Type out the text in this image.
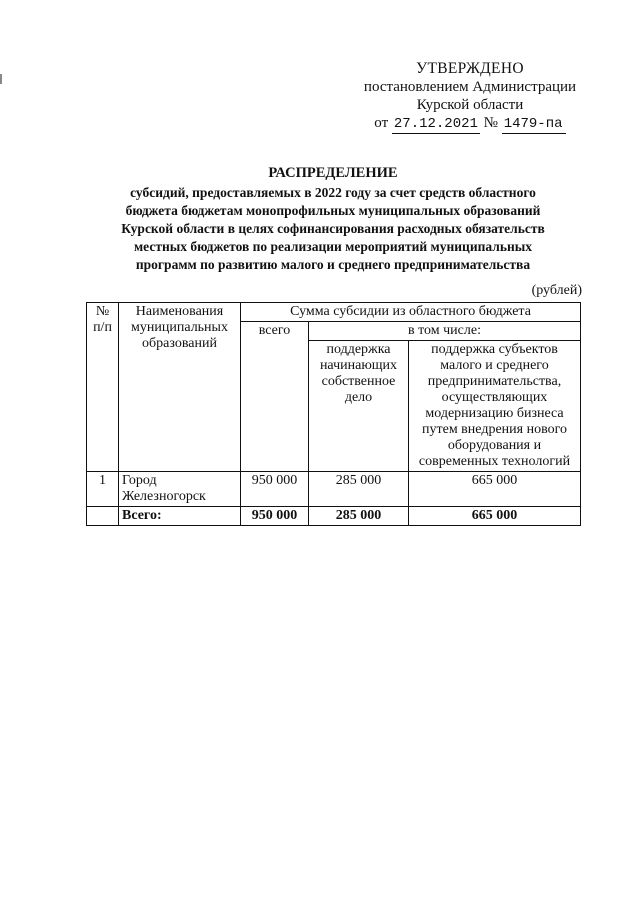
УТВЕРЖДЕНО
постановлением Администрации
Курской области
от 27.12.2021 № 1479-па
РАСПРЕДЕЛЕНИЕ
субсидий, предоставляемых в 2022 году за счет средств областного
бюджета бюджетам монопрофильных муниципальных образований
Курской области в целях софинансирования расходных обязательств
местных бюджетов по реализации мероприятий муниципальных
программ по развитию малого и среднего предпринимательства
(рублей)
№ п/п	Наименования муниципальных образований	Сумма субсидии из областного бюджета		
		всего	в том числе:	
			поддержка начинающих собственное дело	поддержка субъектов малого и среднего предпринимательства, осуществляющих модернизацию бизнеса путем внедрения нового оборудования и современных технологий
1	Город Железногорск	950 000	285 000	665 000
	Всего:	950 000	285 000	665 000
